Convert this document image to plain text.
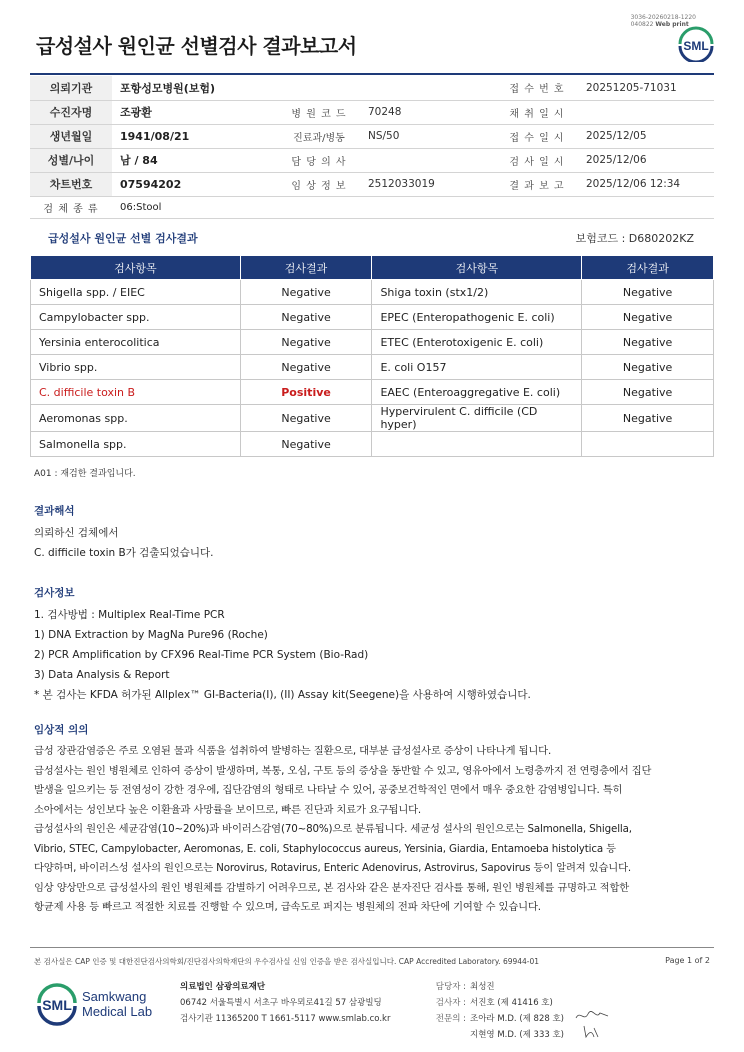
3036-20260218-1220
040822 Web print
급성설사 원인균 선별검사 결과보고서	SML
의뢰기관	포항성모병원(보험)			접 수 번 호	20251205-71031
수진자명	조광환	병 원 코 드	70248	채 취 일 시	
생년월일	1941/08/21	진료과/병동	NS/50	접 수 일 시	2025/12/05
성별/나이	남 / 84	담 당 의 사		검 사 일 시	2025/12/06
차트번호	07594202	임 상 정 보	2512033019	결 과 보 고	2025/12/06 12:34
검 체 종 류	06:Stool				
급성설사 원인균 선별 검사결과	보험코드 : D680202KZ
검사항목	검사결과	검사항목	검사결과
Shigella spp. / EIEC	Negative	Shiga toxin (stx1/2)	Negative
Campylobacter spp.	Negative	EPEC (Enteropathogenic E. coli)	Negative
Yersinia enterocolitica	Negative	ETEC (Enterotoxigenic E. coli)	Negative
Vibrio spp.	Negative	E. coli O157	Negative
C. difficile toxin B	Positive	EAEC (Enteroaggregative E. coli)	Negative
Aeromonas spp.	Negative	Hypervirulent C. difficile (CD hyper)	Negative
Salmonella spp.	Negative		
A01 : 재검한 결과입니다.
결과해석

의뢰하신 검체에서

C. difficile toxin B가 검출되었습니다.

검사정보

1. 검사방법 : Multiplex Real-Time PCR

1) DNA Extraction by MagNa Pure96 (Roche)

2) PCR Amplification by CFX96 Real-Time PCR System (Bio-Rad)

3) Data Analysis & Report

* 본 검사는 KFDA 허가된 Allplex™ GI-Bacteria(I), (II) Assay kit(Seegene)을 사용하여 시행하였습니다.

임상적 의의

급성 장관감염증은 주로 오염된 물과 식품을 섭취하여 발병하는 질환으로, 대부분 급성설사로 증상이 나타나게 됩니다.

급성설사는 원인 병원체로 인하여 증상이 발생하며, 복통, 오심, 구토 등의 증상을 동반할 수 있고, 영유아에서 노령층까지 전 연령층에서 집단

발생을 일으키는 등 전염성이 강한 경우에, 집단감염의 형태로 나타날 수 있어, 공중보건학적인 면에서 매우 중요한 감염병입니다. 특히

소아에서는 성인보다 높은 이환율과 사망률을 보이므로, 빠른 진단과 치료가 요구됩니다.

급성설사의 원인은 세균감염(10~20%)과 바이러스감염(70~80%)으로 분류됩니다. 세균성 설사의 원인으로는 Salmonella, Shigella,

Vibrio, STEC, Campylobacter, Aeromonas, E. coli, Staphylococcus aureus, Yersinia, Giardia, Entamoeba histolytica 등

다양하며, 바이러스성 설사의 원인으로는 Norovirus, Rotavirus, Enteric Adenovirus, Astrovirus, Sapovirus 등이 알려져 있습니다.

임상 양상만으로 급성설사의 원인 병원체를 감별하기 어려우므로, 본 검사와 같은 분자진단 검사를 통해, 원인 병원체를 규명하고 적합한

항균제 사용 등 빠르고 적절한 치료를 진행할 수 있으며, 급속도로 퍼지는 병원체의 전파 차단에 기여할 수 있습니다.

본 검사실은 CAP 인증 및 대한진단검사의학회/진단검사의학재단의 우수검사실 신임 인증을 받은 검사실입니다. CAP Accredited Laboratory. 69944-01	Page 1 of 2
SML
Samkwang
Medical Lab
의료법인 삼광의료재단
06742 서울특별시 서초구 바우뫼로41길 57 삼광빌딩
검사기관 11365200 T 1661-5117 www.smlab.co.kr
담당자 : 최성진
검사자 : 서진호 (제 41416 호)
전문의 : 조아라 M.D. (제 828 호)
지현영 M.D. (제 333 호)
